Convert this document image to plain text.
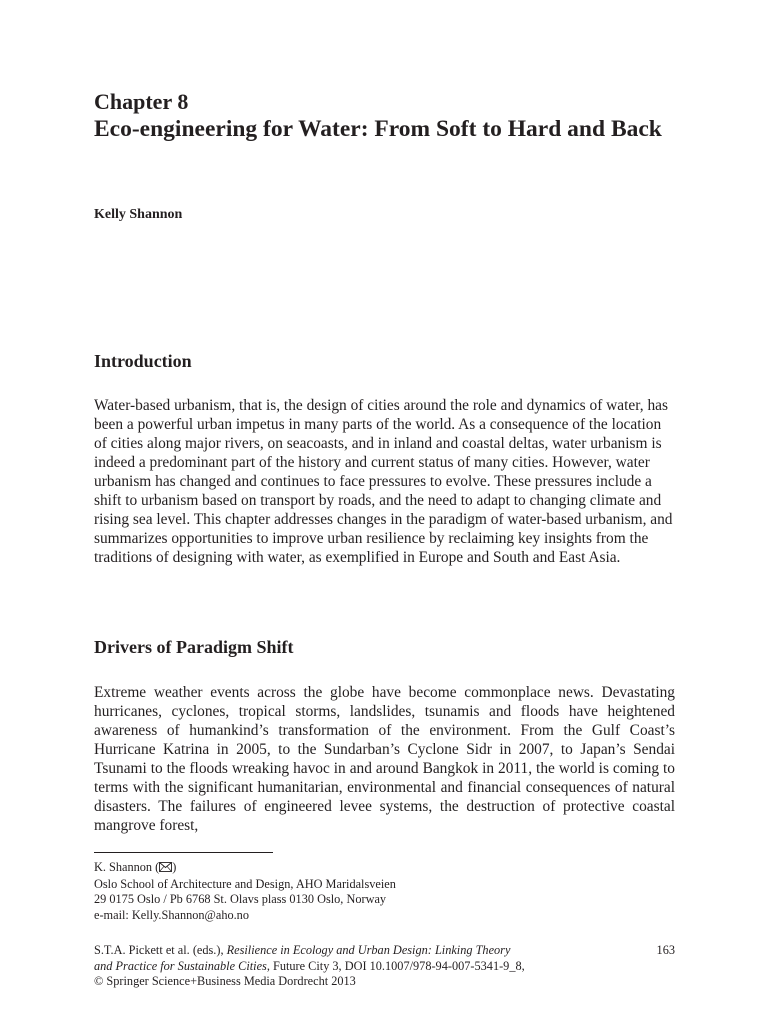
Chapter 8
Eco-engineering for Water: From Soft to Hard and Back
Kelly Shannon
Introduction
Water-based urbanism, that is, the design of cities around the role and dynamics of water, has been a powerful urban impetus in many parts of the world. As a consequence of the location of cities along major rivers, on seacoasts, and in inland and coastal deltas, water urbanism is indeed a predominant part of the history and current status of many cities. However, water urbanism has changed and continues to face pressures to evolve. These pressures include a shift to urbanism based on transport by roads, and the need to adapt to changing climate and rising sea level. This chapter addresses changes in the paradigm of water-based urbanism, and summarizes opportunities to improve urban resilience by reclaiming key insights from the traditions of designing with water, as exemplified in Europe and South and East Asia.
Drivers of Paradigm Shift
Extreme weather events across the globe have become commonplace news. Devastating hurricanes, cyclones, tropical storms, landslides, tsunamis and floods have heightened awareness of humankind’s transformation of the environment. From the Gulf Coast’s Hurricane Katrina in 2005, to the Sundarban’s Cyclone Sidr in 2007, to Japan’s Sendai Tsunami to the floods wreaking havoc in and around Bangkok in 2011, the world is coming to terms with the significant humanitarian, environmental and financial consequences of natural disasters. The failures of engineered levee systems, the destruction of protective coastal mangrove forest,
K. Shannon ( )
Oslo School of Architecture and Design, AHO Maridalsveien
29 0175 Oslo / Pb 6768 St. Olavs plass 0130 Oslo, Norway
e-mail: Kelly.Shannon@aho.no
S.T.A. Pickett et al. (eds.), Resilience in Ecology and Urban Design: Linking Theory
and Practice for Sustainable Cities, Future City 3, DOI 10.1007/978-94-007-5341-9_8,
© Springer Science+Business Media Dordrecht 2013
163
